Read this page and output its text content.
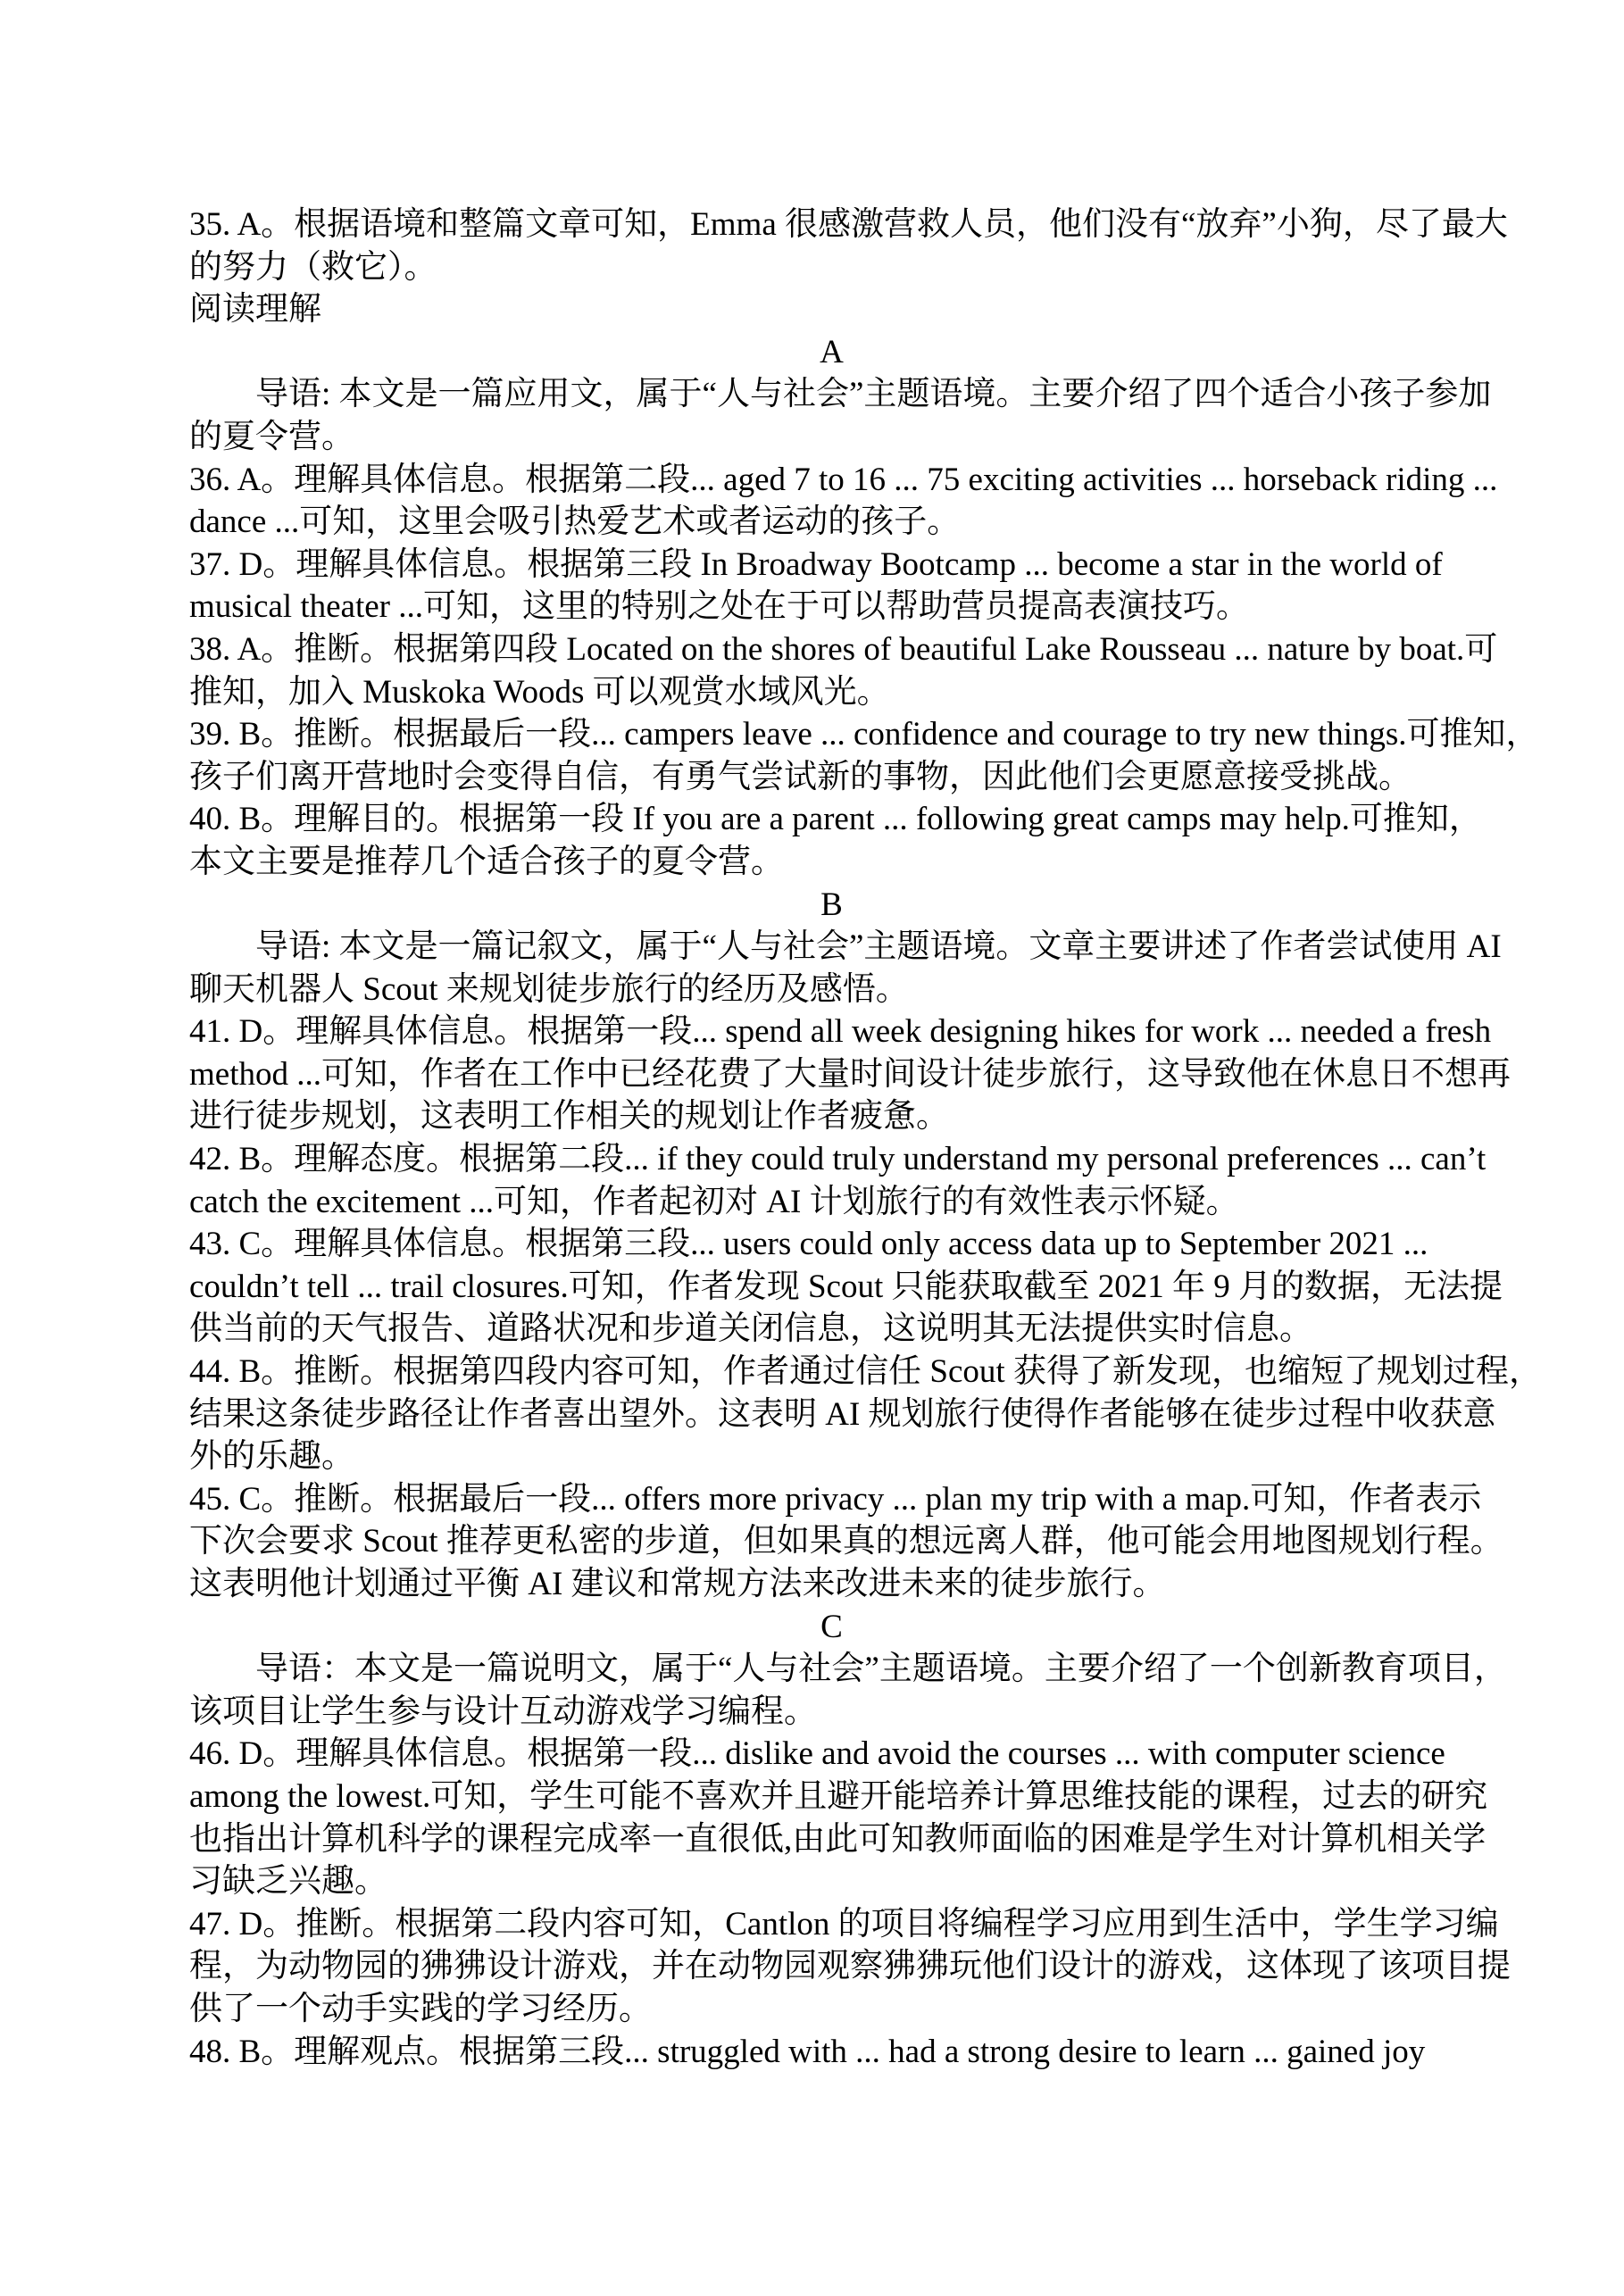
35. A。根据语境和整篇文章可知，Emma 很感激营救人员，他们没有“放弃”小狗，尽了最大
的努力（救它）。
阅读理解
A
导语: 本文是一篇应用文，属于“人与社会”主题语境。主要介绍了四个适合小孩子参加
的夏令营。
36. A。理解具体信息。根据第二段... aged 7 to 16 ... 75 exciting activities ... horseback riding ...
dance ...可知，这里会吸引热爱艺术或者运动的孩子。
37. D。理解具体信息。根据第三段 In Broadway Bootcamp ... become a star in the world of
musical theater ...可知，这里的特别之处在于可以帮助营员提高表演技巧。
38. A。推断。根据第四段 Located on the shores of beautiful Lake Rousseau ... nature by boat.可
推知，加入 Muskoka Woods 可以观赏水域风光。
39. B。推断。根据最后一段... campers leave ... confidence and courage to try new things.可推知，
孩子们离开营地时会变得自信，有勇气尝试新的事物，因此他们会更愿意接受挑战。
40. B。理解目的。根据第一段 If you are a parent ... following great camps may help.可推知，
本文主要是推荐几个适合孩子的夏令营。
B
导语: 本文是一篇记叙文，属于“人与社会”主题语境。文章主要讲述了作者尝试使用 AI
聊天机器人 Scout 来规划徒步旅行的经历及感悟。
41. D。理解具体信息。根据第一段... spend all week designing hikes for work ... needed a fresh
method ...可知，作者在工作中已经花费了大量时间设计徒步旅行，这导致他在休息日不想再
进行徒步规划，这表明工作相关的规划让作者疲惫。
42. B。理解态度。根据第二段... if they could truly understand my personal preferences ... can’t
catch the excitement ...可知，作者起初对 AI 计划旅行的有效性表示怀疑。
43. C。理解具体信息。根据第三段... users could only access data up to September 2021 ...
couldn’t tell ... trail closures.可知，作者发现 Scout 只能获取截至 2021 年 9 月的数据，无法提
供当前的天气报告、道路状况和步道关闭信息，这说明其无法提供实时信息。
44. B。推断。根据第四段内容可知，作者通过信任 Scout 获得了新发现，也缩短了规划过程，
结果这条徒步路径让作者喜出望外。这表明 AI 规划旅行使得作者能够在徒步过程中收获意
外的乐趣。
45. C。推断。根据最后一段... offers more privacy ... plan my trip with a map.可知，作者表示
下次会要求 Scout 推荐更私密的步道，但如果真的想远离人群，他可能会用地图规划行程。
这表明他计划通过平衡 AI 建议和常规方法来改进未来的徒步旅行。
C
导语：本文是一篇说明文，属于“人与社会”主题语境。主要介绍了一个创新教育项目，
该项目让学生参与设计互动游戏学习编程。
46. D。理解具体信息。根据第一段... dislike and avoid the courses ... with computer science
among the lowest.可知，学生可能不喜欢并且避开能培养计算思维技能的课程，过去的研究
也指出计算机科学的课程完成率一直很低,由此可知教师面临的困难是学生对计算机相关学
习缺乏兴趣。
47. D。推断。根据第二段内容可知，Cantlon 的项目将编程学习应用到生活中，学生学习编
程，为动物园的狒狒设计游戏，并在动物园观察狒狒玩他们设计的游戏，这体现了该项目提
供了一个动手实践的学习经历。
48. B。理解观点。根据第三段... struggled with ... had a strong desire to learn ... gained joy
